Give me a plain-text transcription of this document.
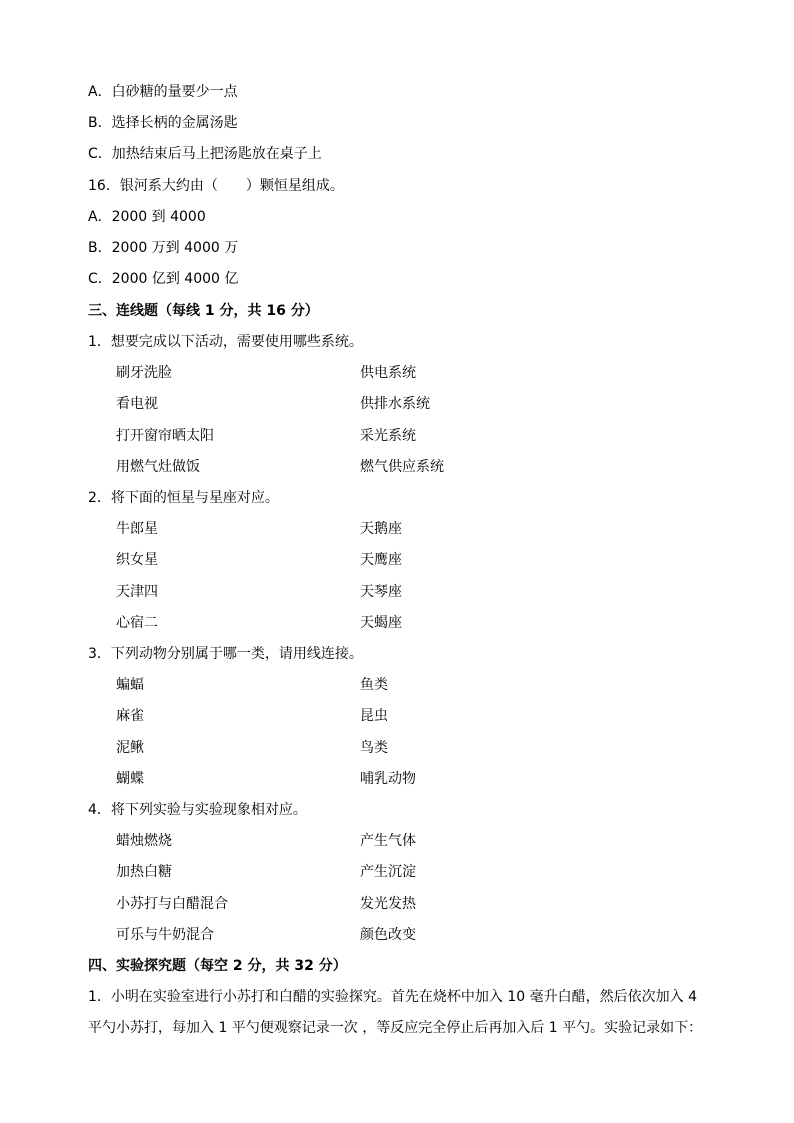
A．白砂糖的量要少一点
B．选择长柄的金属汤匙
C．加热结束后马上把汤匙放在桌子上
16．银河系大约由（　　）颗恒星组成。
A．2000 到 4000
B．2000 万到 4000 万
C．2000 亿到 4000 亿
三、连线题（每线 1 分，共 16 分）
1．想要完成以下活动，需要使用哪些系统。
刷牙洗脸	供电系统
看电视	供排水系统
打开窗帘晒太阳	采光系统
用燃气灶做饭	燃气供应系统
2．将下面的恒星与星座对应。
牛郎星	天鹅座
织女星	天鹰座
天津四	天琴座
心宿二	天蝎座
3．下列动物分别属于哪一类，请用线连接。
蝙蝠	鱼类
麻雀	昆虫
泥鳅	鸟类
蝴蝶	哺乳动物
4．将下列实验与实验现象相对应。
蜡烛燃烧	产生气体
加热白糖	产生沉淀
小苏打与白醋混合	发光发热
可乐与牛奶混合	颜色改变
四、实验探究题（每空 2 分，共 32 分）
1．小明在实验室进行小苏打和白醋的实验探究。首先在烧杯中加入 10 毫升白醋，然后依次加入 4 平勺小苏打，每加入 1 平勺便观察记录一次 ，等反应完全停止后再加入后 1 平勺。实验记录如下：
